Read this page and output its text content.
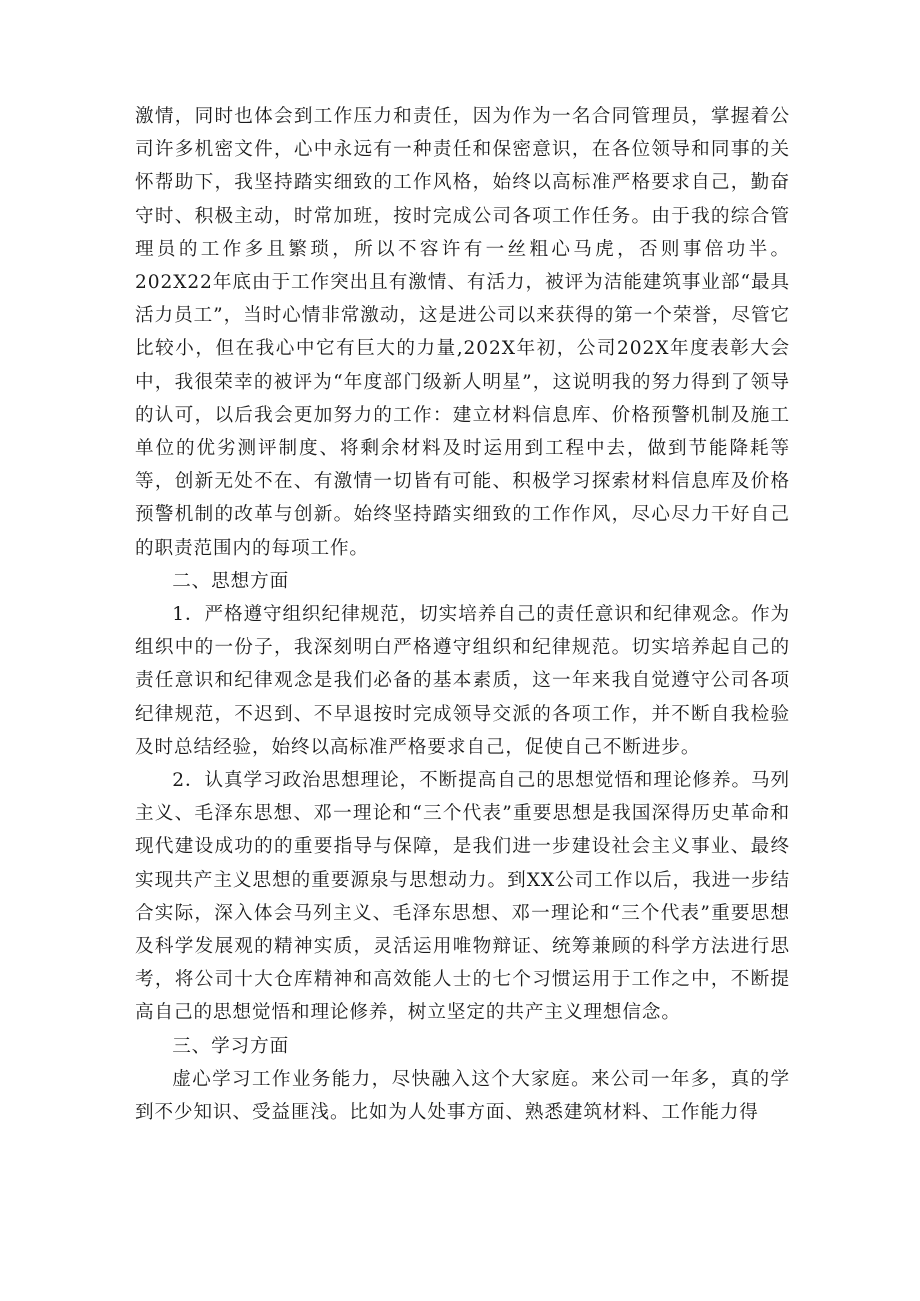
激情，同时也体会到工作压力和责任，因为作为一名合同管理员，掌握着公司许多机密文件，心中永远有一种责任和保密意识，在各位领导和同事的关怀帮助下，我坚持踏实细致的工作风格，始终以高标准严格要求自己，勤奋守时、积极主动，时常加班，按时完成公司各项工作任务。由于我的综合管理员的工作多且繁琐，所以不容许有一丝粗心马虎，否则事倍功半。202X22年底由于工作突出且有激情、有活力，被评为洁能建筑事业部“最具活力员工”，当时心情非常激动，这是进公司以来获得的第一个荣誉，尽管它比较小，但在我心中它有巨大的力量,202X年初，公司202X年度表彰大会中，我很荣幸的被评为“年度部门级新人明星”，这说明我的努力得到了领导的认可，以后我会更加努力的工作：建立材料信息库、价格预警机制及施工单位的优劣测评制度、将剩余材料及时运用到工程中去，做到节能降耗等等，创新无处不在、有激情一切皆有可能、积极学习探索材料信息库及价格预警机制的改革与创新。始终坚持踏实细致的工作作风，尽心尽力干好自己的职责范围内的每项工作。

二、思想方面

1．严格遵守组织纪律规范，切实培养自己的责任意识和纪律观念。作为组织中的一份子，我深刻明白严格遵守组织和纪律规范。切实培养起自己的责任意识和纪律观念是我们必备的基本素质，这一年来我自觉遵守公司各项纪律规范，不迟到、不早退按时完成领导交派的各项工作，并不断自我检验及时总结经验，始终以高标准严格要求自己，促使自己不断进步。

2．认真学习政治思想理论，不断提高自己的思想觉悟和理论修养。马列主义、毛泽东思想、邓一理论和“三个代表”重要思想是我国深得历史革命和现代建设成功的的重要指导与保障，是我们进一步建设社会主义事业、最终实现共产主义思想的重要源泉与思想动力。到XX公司工作以后，我进一步结合实际，深入体会马列主义、毛泽东思想、邓一理论和“三个代表”重要思想及科学发展观的精神实质，灵活运用唯物辩证、统筹兼顾的科学方法进行思考，将公司十大仓库精神和高效能人士的七个习惯运用于工作之中，不断提高自己的思想觉悟和理论修养，树立坚定的共产主义理想信念。

三、学习方面

虚心学习工作业务能力，尽快融入这个大家庭。来公司一年多，真的学到不少知识、受益匪浅。比如为人处事方面、熟悉建筑材料、工作能力得
